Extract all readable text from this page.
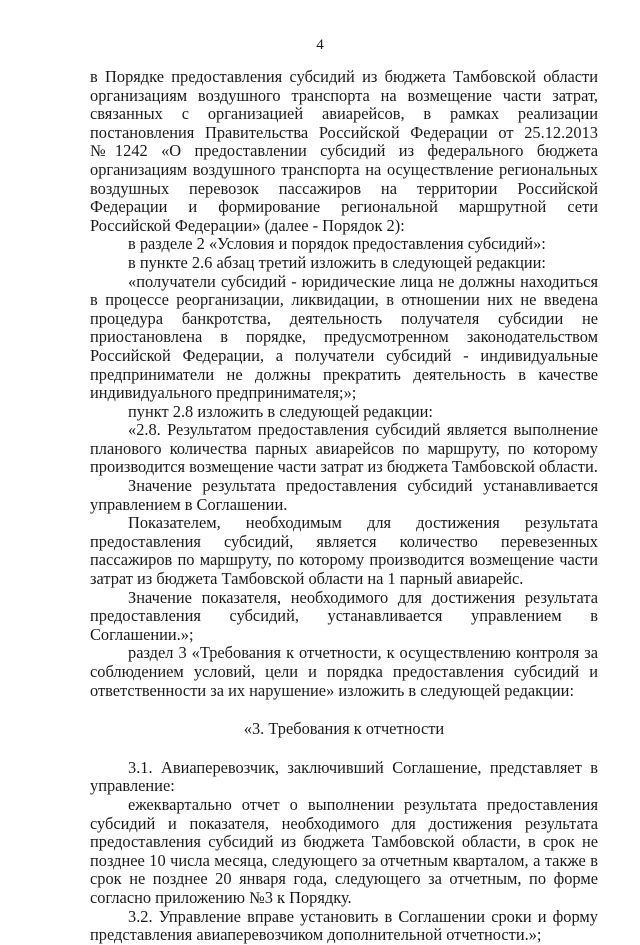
4

в Порядке предоставления субсидий из бюджета Тамбовской области организациям воздушного транспорта на возмещение части затрат, связанных с организацией авиарейсов, в рамках реализации постановления Правительства Российской Федерации от 25.12.2013 №1242 «О предоставлении субсидий из федерального бюджета организациям воздушного транспорта на осуществление региональных воздушных перевозок пассажиров на территории Российской Федерации и формирование региональной маршрутной сети Российской Федерации» (далее - Порядок 2):

в разделе 2 «Условия и порядок предоставления субсидий»:

в пункте 2.6 абзац третий изложить в следующей редакции:

«получатели субсидий - юридические лица не должны находиться в процессе реорганизации, ликвидации, в отношении них не введена процедура банкротства, деятельность получателя субсидии не приостановлена в порядке, предусмотренном законодательством Российской Федерации, а получатели субсидий - индивидуальные предприниматели не должны прекратить деятельность в качестве индивидуального предпринимателя;»;

пункт 2.8 изложить в следующей редакции:

«2.8. Результатом предоставления субсидий является выполнение планового количества парных авиарейсов по маршруту, по которому производится возмещение части затрат из бюджета Тамбовской области.

Значение результата предоставления субсидий устанавливается управлением в Соглашении.

Показателем, необходимым для достижения результата предоставления субсидий, является количество перевезенных пассажиров по маршруту, по которому производится возмещение части затрат из бюджета Тамбовской области на 1 парный авиарейс.

Значение показателя, необходимого для достижения результата предоставления субсидий, устанавливается управлением в Соглашении.»;

раздел 3 «Требования к отчетности, к осуществлению контроля за соблюдением условий, цели и порядка предоставления субсидий и ответственности за их нарушение» изложить в следующей редакции:

«3. Требования к отчетности

3.1. Авиаперевозчик, заключивший Соглашение, представляет в управление:

ежеквартально отчет о выполнении результата предоставления субсидий и показателя, необходимого для достижения результата предоставления субсидий из бюджета Тамбовской области, в срок не позднее 10 числа месяца, следующего за отчетным кварталом, а также в срок не позднее 20 января года, следующего за отчетным, по форме согласно приложению №3 к Порядку.

3.2. Управление вправе установить в Соглашении сроки и форму представления авиаперевозчиком дополнительной отчетности.»;
